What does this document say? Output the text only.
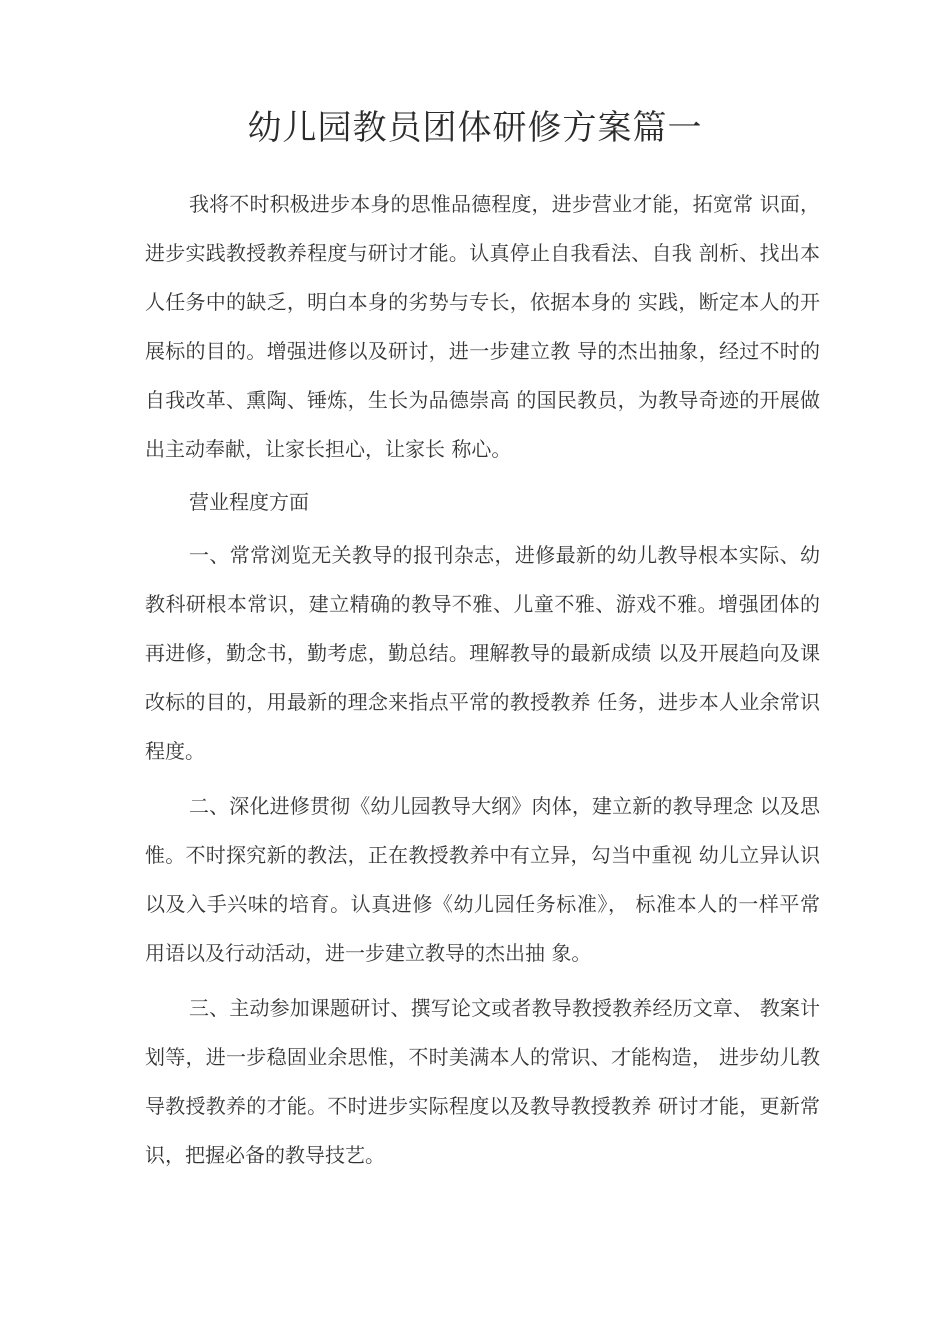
幼儿园教员团体研修方案篇一

我将不时积极进步本身的思惟品德程度，进步营业才能，拓宽常 识面，进步实践教授教养程度与研讨才能。认真停止自我看法、自我 剖析、找出本人任务中的缺乏，明白本身的劣势与专长，依据本身的 实践，断定本人的开展标的目的。增强进修以及研讨，进一步建立教 导的杰出抽象，经过不时的自我改革、熏陶、锤炼，生长为品德崇高 的国民教员，为教导奇迹的开展做出主动奉献，让家长担心，让家长 称心。

营业程度方面

一、常常浏览无关教导的报刊杂志，进修最新的幼儿教导根本实际、幼教科研根本常识，建立精确的教导不雅、儿童不雅、游戏不雅。增强团体的再进修，勤念书，勤考虑，勤总结。理解教导的最新成绩 以及开展趋向及课改标的目的，用最新的理念来指点平常的教授教养 任务，进步本人业余常识程度。

二、深化进修贯彻《幼儿园教导大纲》肉体，建立新的教导理念 以及思惟。不时探究新的教法，正在教授教养中有立异，勾当中重视 幼儿立异认识以及入手兴味的培育。认真进修《幼儿园任务标准》， 标准本人的一样平常用语以及行动活动，进一步建立教导的杰出抽 象。

三、主动参加课题研讨、撰写论文或者教导教授教养经历文章、 教案计划等，进一步稳固业余思惟，不时美满本人的常识、才能构造， 进步幼儿教导教授教养的才能。不时进步实际程度以及教导教授教养 研讨才能，更新常识，把握必备的教导技艺。
